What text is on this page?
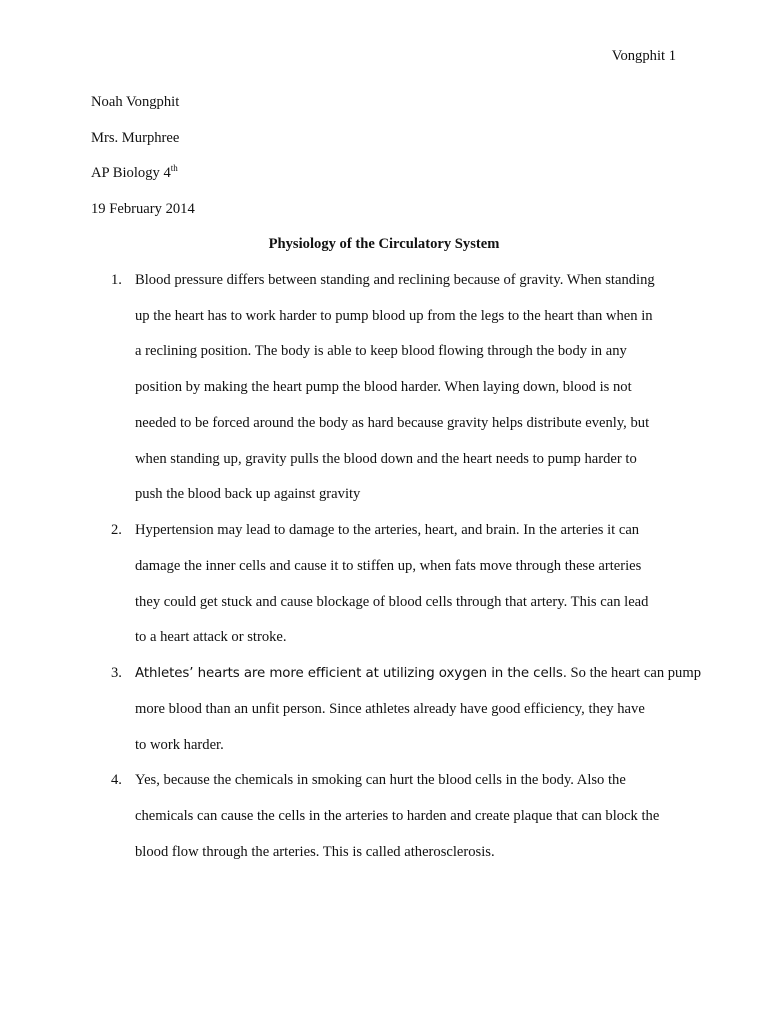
Vongphit 1
Noah Vongphit
Mrs. Murphree
AP Biology 4th
19 February 2014
Physiology of the Circulatory System
1. Blood pressure differs between standing and reclining because of gravity. When standing
up the heart has to work harder to pump blood up from the legs to the heart than when in
a reclining position. The body is able to keep blood flowing through the body in any
position by making the heart pump the blood harder. When laying down, blood is not
needed to be forced around the body as hard because gravity helps distribute evenly, but
when standing up, gravity pulls the blood down and the heart needs to pump harder to
push the blood back up against gravity
2. Hypertension may lead to damage to the arteries, heart, and brain. In the arteries it can
damage the inner cells and cause it to stiffen up, when fats move through these arteries
they could get stuck and cause blockage of blood cells through that artery. This can lead
to a heart attack or stroke.
3. Athletes’ hearts are more efficient at utilizing oxygen in the cells. So the heart can pump
more blood than an unfit person. Since athletes already have good efficiency, they have
to work harder.
4. Yes, because the chemicals in smoking can hurt the blood cells in the body. Also the
chemicals can cause the cells in the arteries to harden and create plaque that can block the
blood flow through the arteries. This is called atherosclerosis.
